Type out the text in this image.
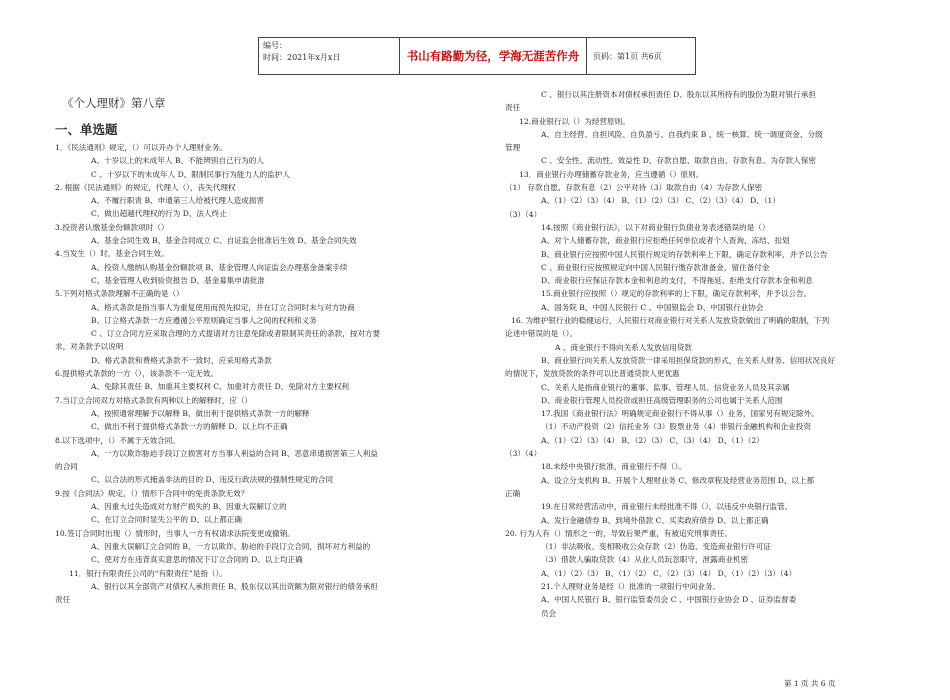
编号：
时间：2021年x月x日	书山有路勤为径，学海无涯苦作舟	页码：第1页 共6页
《个人理财》第八章
一、单选题
1．《民法通则》规定，（）可以开办个人理财业务。
A、十岁以上的未成年人 B、不能辨别自己行为的人
C 、十岁以下的未成年人 D、限制民事行为能力人的监护人
2. 根据《民法通则》的规定，代理人（），丧失代理权
A、不履行职责 B、申通第三人给被代理人造成损害
C、做出超越代理权的行为 D、法人终止
3.投资者认缴基金份额款项时（）
A、基金合同生效 B、基金合同成立 C、自证监会批准后生效 D、基金合同失效
4.当发生（）时，基金合同生效。
A、投资人缴纳认购基金份额款项 B、基金管理人向证监会办理基金备案手续
C、基金管理人收到验资报告 D、基金募集申请批准
5.下列对格式条款理解不正确的是（）
A、格式条款是指当事人为重复使用而预先拟定，并在订立合同时未与对方协商
B、订立格式条款一方应遵循公平原则确定当事人之间的权利和义务
C 、订立合同方应采取合理的方式提请对方注意免除或者限制其责任的条款，按对方要
求，对条款予以说明
D、格式条款和费格式条款不一致时，应采用格式条款
6.提供格式条款的一方（），该条款不一定无效。
A、免除其责任 B、加重其主要权利 C、加重对方责任 D、免除对方主要权利
7.当订立合同双方对格式条款有两种以上的解释时，应（）
A、按照通常理解予以解释 B、做出利于提供格式条款一方的解释
C、做出不利于提供格式条款一方的解释 D、以上均不正确
8.以下选项中，（）不属于无效合同。
A、一方以欺诈胁迫手段订立损害对方当事人利益的合同 B、恶意串通损害第三人利益
的合同
C、以合法的形式掩盖非法的目的 D、违反行政法规的强制性规定的合同
9.按《合同法》规定，（）情形下合同中的免责条款无效？
A、因重大过失造成对方财产损失的 B、因重大误解订立的
C、在订立合同时显失公平的 D、以上都正确
10.签订合同时出现（）情形时，当事人一方有权请求法院变更或撤销。
A、因重大误解订立合同的 B、一方以欺诈、胁迫的手段订立合同，损坏对方利益的
C、使对方在违背真实意思的情况下订立合同的 D、以上均正确
11．银行有限责任公司的“有限责任”是指（）。
A、银行以其全部资产对债权人承担责任 B、股东仅以其出资额为限对银行的债务承担
责任
C 、银行以其注册资本对债权承担责任 D、股东以其所持有的股份为限对银行承担
责任
12.商业银行以（）为经营原则。
A、自主经营、自担风险、自负盈亏、自我约束 B 、统一核算、统一调度资金、分级
管理
C 、安全性、流动性、效益性 D、存款自愿、取款自由、存款有息、为存款人保密
13．商业银行办理储蓄存款业务，应当遵循（）原则。
（1） 存款自愿、存款有息（2）公平对待（3）取款自由（4）为存款人保密
A、（1）（2）（3）（4） B、（1）（2）（3） C、（2）（3）（4） D、（1）
（3）（4）
14.按照《商业银行法》，以下对商业银行负债业务表述错误的是（）
A、对个人储蓄存款，商业银行应拒绝任何单位或者个人查询、冻结、扣划
B、商业银行应按照中国人民银行规定的存款利率上下限，确定存款利率，并予以公告
C 、商业银行应按照规定向中国人民银行缴存款准备金，留住备付金
D、商业银行应保证存款本金和利息的支付，不得拖延、拒绝支付存款本金和利息
15.商业银行应按照（）规定的存款利率的上下限，确定存款利率，并予以公告。
A、国务院 B、中国人民银行 C 、中国银监会 D、中国银行业协会
16. 为维护银行业的稳健运行，人民银行对商业银行对关系人发放贷款做出了明确的限制，下列
论述中错误的是（）。
A 、商业银行不得向关系人发放信用贷款
B、商业银行向关系人发放贷款一律采用担保贷款的形式，在关系人财务、信用状况良好
的情况下，发放贷款的条件可以比普通贷款人更优惠
C、关系人是指商业银行的董事、监事、管理人员、信贷业务人员及其亲属
D、商业银行管理人员投资或担任高级管理职务的公司也属于关系人范围
17.我国《商业银行法》明确规定商业银行不得从事（）业务，国家另有规定除外。
（1）不动产投资（2）信托业务（3）股票业务（4）非银行金融机构和企业投资
A、（1）（2）（3）（4） B、（2）（3） C、（3）（4） D、（1）（2）
（3）（4）
18.未经中央银行批准，商业银行不得（）。
A、设立分支机构 B、开展个人理财业务 C、修改章程及经营业务范围 D、以上都
正确
19.在日常经营活动中，商业银行未经批准不得（），以违反中央银行监管。
A、发行金融债券 B、到境外借款 C、买卖政府债券 D、以上都正确
20. 行为人有（）情形之一的，导致后果严重，有被追究刑事责任。
（1）非法吸收、变相吸收公众存款（2）伪造、变造商业银行许可证
（3）借款人骗取贷款（4）从业人员玩忽职守，泄露商业机密
A、（1）（2）（3） B、（1）（2） C、（2）（3）（4） D、（1）（2）（3）（4）
21.个人理财业务是经（）批准的一项银行中间业务。
A、中国人民银行 B、银行监管委员会 C 、中国银行业协会 D 、证券监督委
员会
第 1 页 共 6 页
